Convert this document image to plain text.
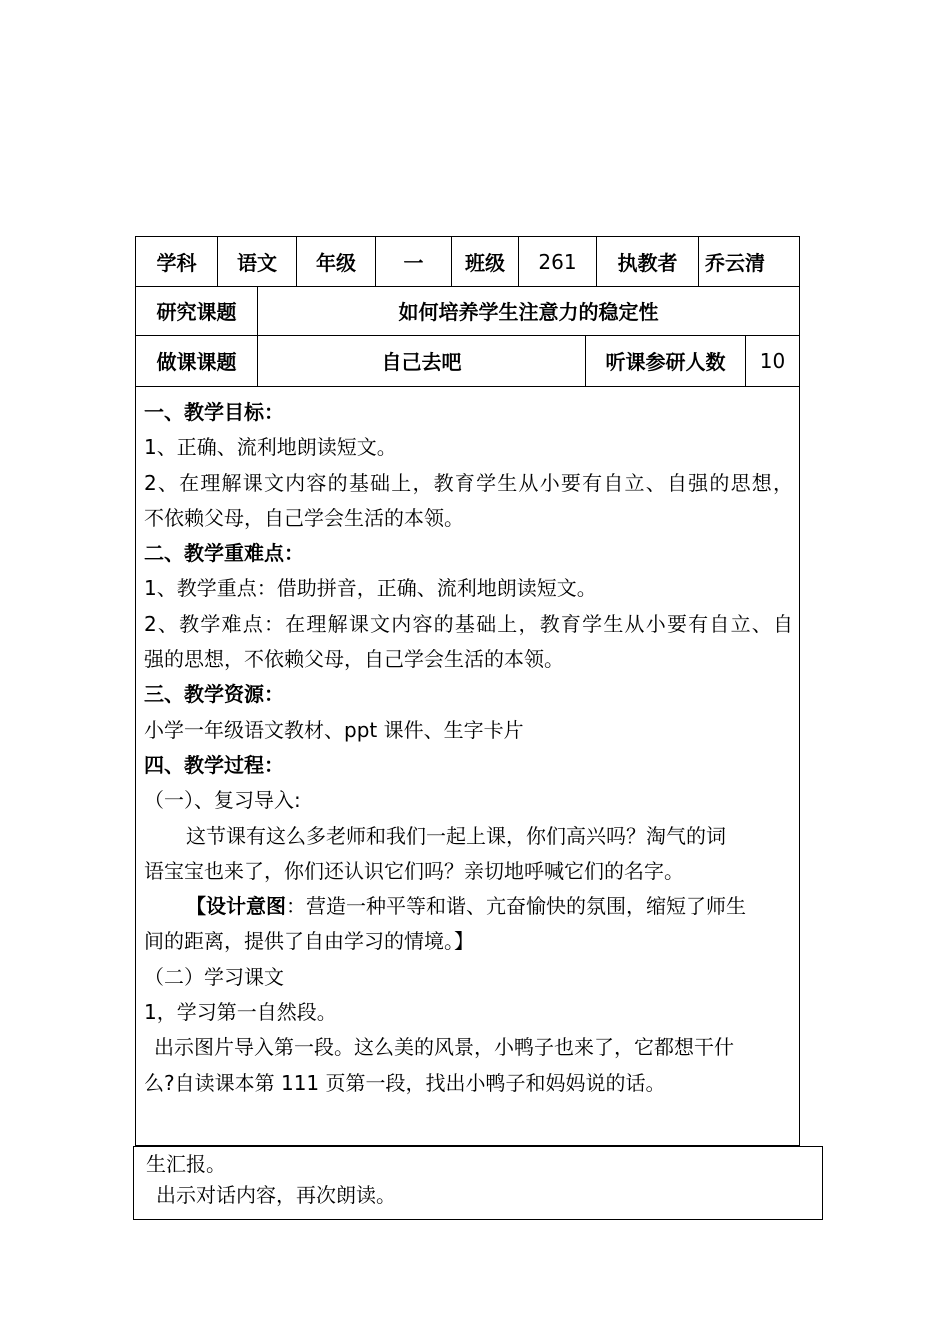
学科	语文	年级	一	班级	261	执教者	乔云清
研究课题	如何培养学生注意力的稳定性
做课课题	自己去吧	听课参研人数	10
一、教学目标：
1、正确、流利地朗读短文。
2、在理解课文内容的基础上，教育学生从小要有自立、自强的思想，
不依赖父母，自己学会生活的本领。
二、教学重难点：
1、教学重点：借助拼音，正确、流利地朗读短文。
2、教学难点：在理解课文内容的基础上，教育学生从小要有自立、自
强的思想，不依赖父母，自己学会生活的本领。
三、教学资源：
小学一年级语文教材、ppt 课件、生字卡片
四、教学过程：
（一）、复习导入:
这节课有这么多老师和我们一起上课，你们高兴吗？淘气的词
语宝宝也来了，你们还认识它们吗？亲切地呼喊它们的名字。
【设计意图：营造一种平等和谐、亢奋愉快的氛围，缩短了师生
间的距离，提供了自由学习的情境。】
（二）学习课文
1，学习第一自然段。
出示图片导入第一段。这么美的风景，小鸭子也来了，它都想干什
么?自读课本第 111 页第一段，找出小鸭子和妈妈说的话。
生汇报。
出示对话内容，再次朗读。
